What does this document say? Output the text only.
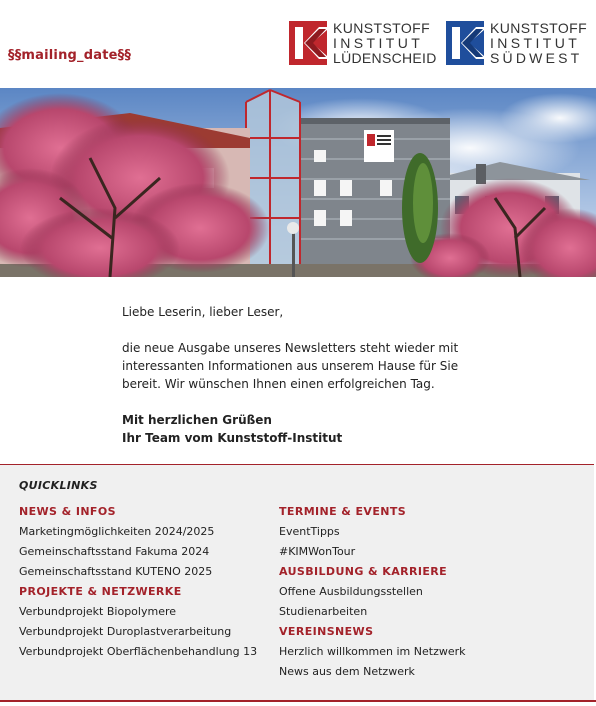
§§mailing_date§§
KUNSTSTOFF
INSTITUT
LÜDENSCHEID
KUNSTSTOFF
INSTITUT
SÜDWEST

Liebe Leserin, lieber Leser,

die neue Ausgabe unseres Newsletters steht wieder mit interessanten Informationen aus unserem Hause für Sie bereit. Wir wünschen Ihnen einen erfolgreichen Tag.

Mit herzlichen Grüßen

Ihr Team vom Kunststoff-Institut

QUICKLINKS
NEWS & INFOS
Marketingmöglichkeiten 2024/2025
Gemeinschaftsstand Fakuma 2024
Gemeinschaftsstand KUTENO 2025
PROJEKTE & NETZWERKE
Verbundprojekt Biopolymere
Verbundprojekt Duroplastverarbeitung
Verbundprojekt Oberflächenbehandlung 13
TERMINE & EVENTS
EventTipps
#KIMWonTour
AUSBILDUNG & KARRIERE
Offene Ausbildungsstellen
Studienarbeiten
VEREINSNEWS
Herzlich willkommen im Netzwerk
News aus dem Netzwerk
